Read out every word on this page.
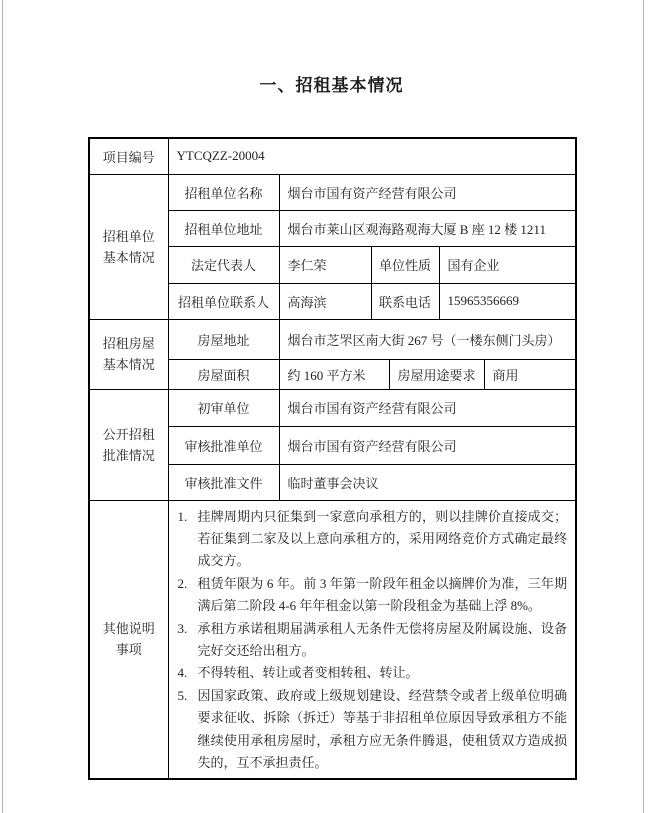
一、招租基本情况
项目编号	YTCQZZ-20004					
招租单位基本情况	招租单位名称	烟台市国有资产经营有限公司				
	招租单位地址	烟台市莱山区观海路观海大厦 B 座 12 楼 1211				
	法定代表人	李仁荣	单位性质		国有企业	
	招租单位联系人	高海滨	联系电话		15965356669	
招租房屋基本情况	房屋地址	烟台市芝罘区南大街 267 号（一楼东侧门头房）				
	房屋面积	约 160 平方米		房屋用途要求		商用
公开招租批准情况	初审单位	烟台市国有资产经营有限公司				
	审核批准单位	烟台市国有资产经营有限公司				
	审核批准文件	临时董事会决议				
其他说明事项	
1. 挂牌周期内只征集到一家意向承租方的，则以挂牌价直接成交；若征集到二家及以上意向承租方的，采用网络竞价方式确定最终成交方。
2. 租赁年限为 6 年。前 3 年第一阶段年租金以摘牌价为准，三年期满后第二阶段 4-6 年年租金以第一阶段租金为基础上浮 8%。
3. 承租方承诺租期届满承租人无条件无偿将房屋及附属设施、设备完好交还给出租方。
4. 不得转租、转让或者变相转租、转让。
5. 因国家政策、政府或上级规划建设、经营禁令或者上级单位明确要求征收、拆除（拆迁）等基于非招租单位原因导致承租方不能继续使用承租房屋时，承租方应无条件腾退，使租赁双方造成损失的，互不承担责任。
